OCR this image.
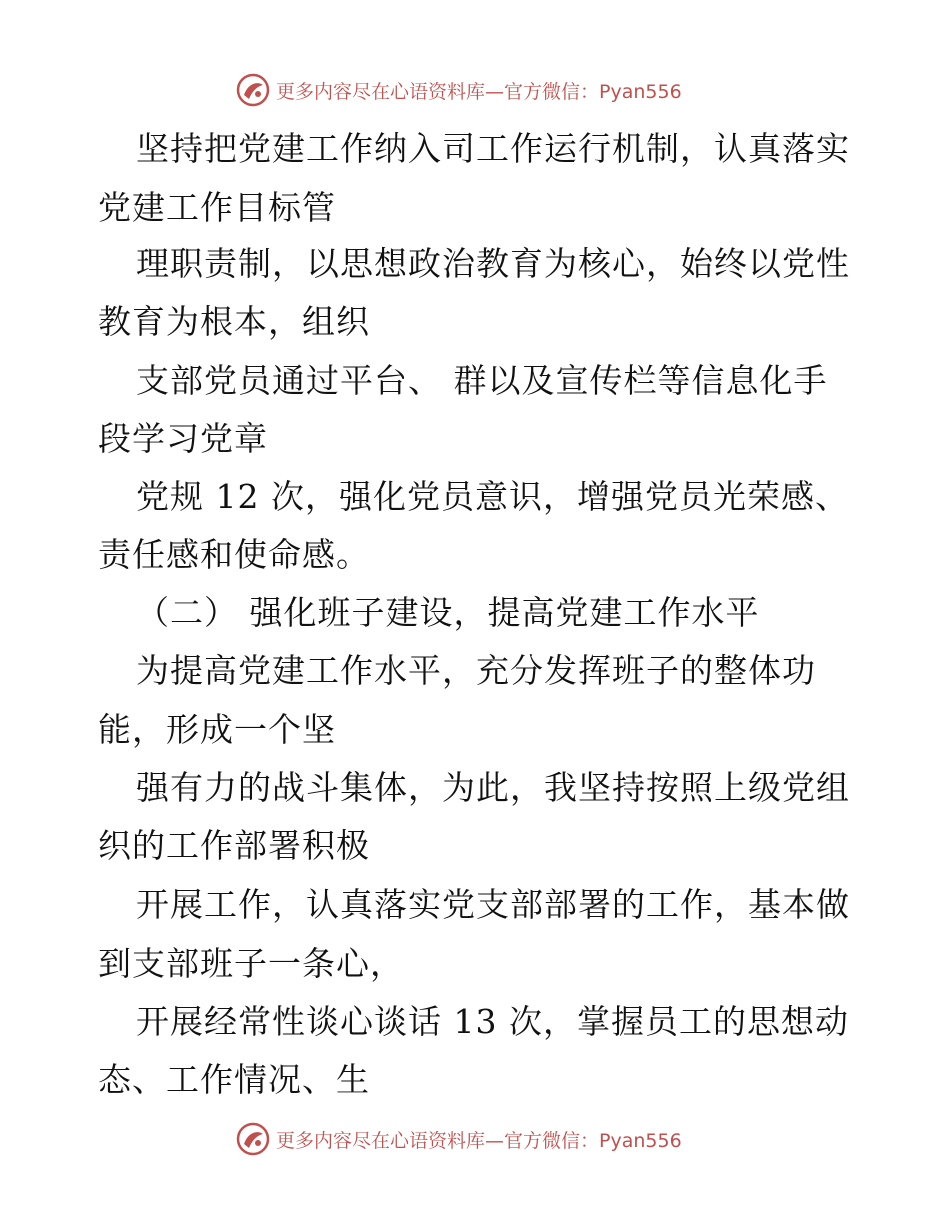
更多内容尽在心语资料库—官方微信：Pyan556
坚持把党建工作纳入司工作运行机制，认真落实
党建工作目标管
理职责制，以思想政治教育为核心，始终以党性
教育为根本，组织
支部党员通过平台、 群以及宣传栏等信息化手
段学习党章
党规 12 次，强化党员意识，增强党员光荣感、
责任感和使命感。
（二） 强化班子建设，提高党建工作水平
为提高党建工作水平，充分发挥班子的整体功
能，形成一个坚
强有力的战斗集体，为此，我坚持按照上级党组
织的工作部署积极
开展工作，认真落实党支部部署的工作，基本做
到支部班子一条心，
开展经常性谈心谈话 13 次，掌握员工的思想动
态、工作情况、生
更多内容尽在心语资料库—官方微信：Pyan556
